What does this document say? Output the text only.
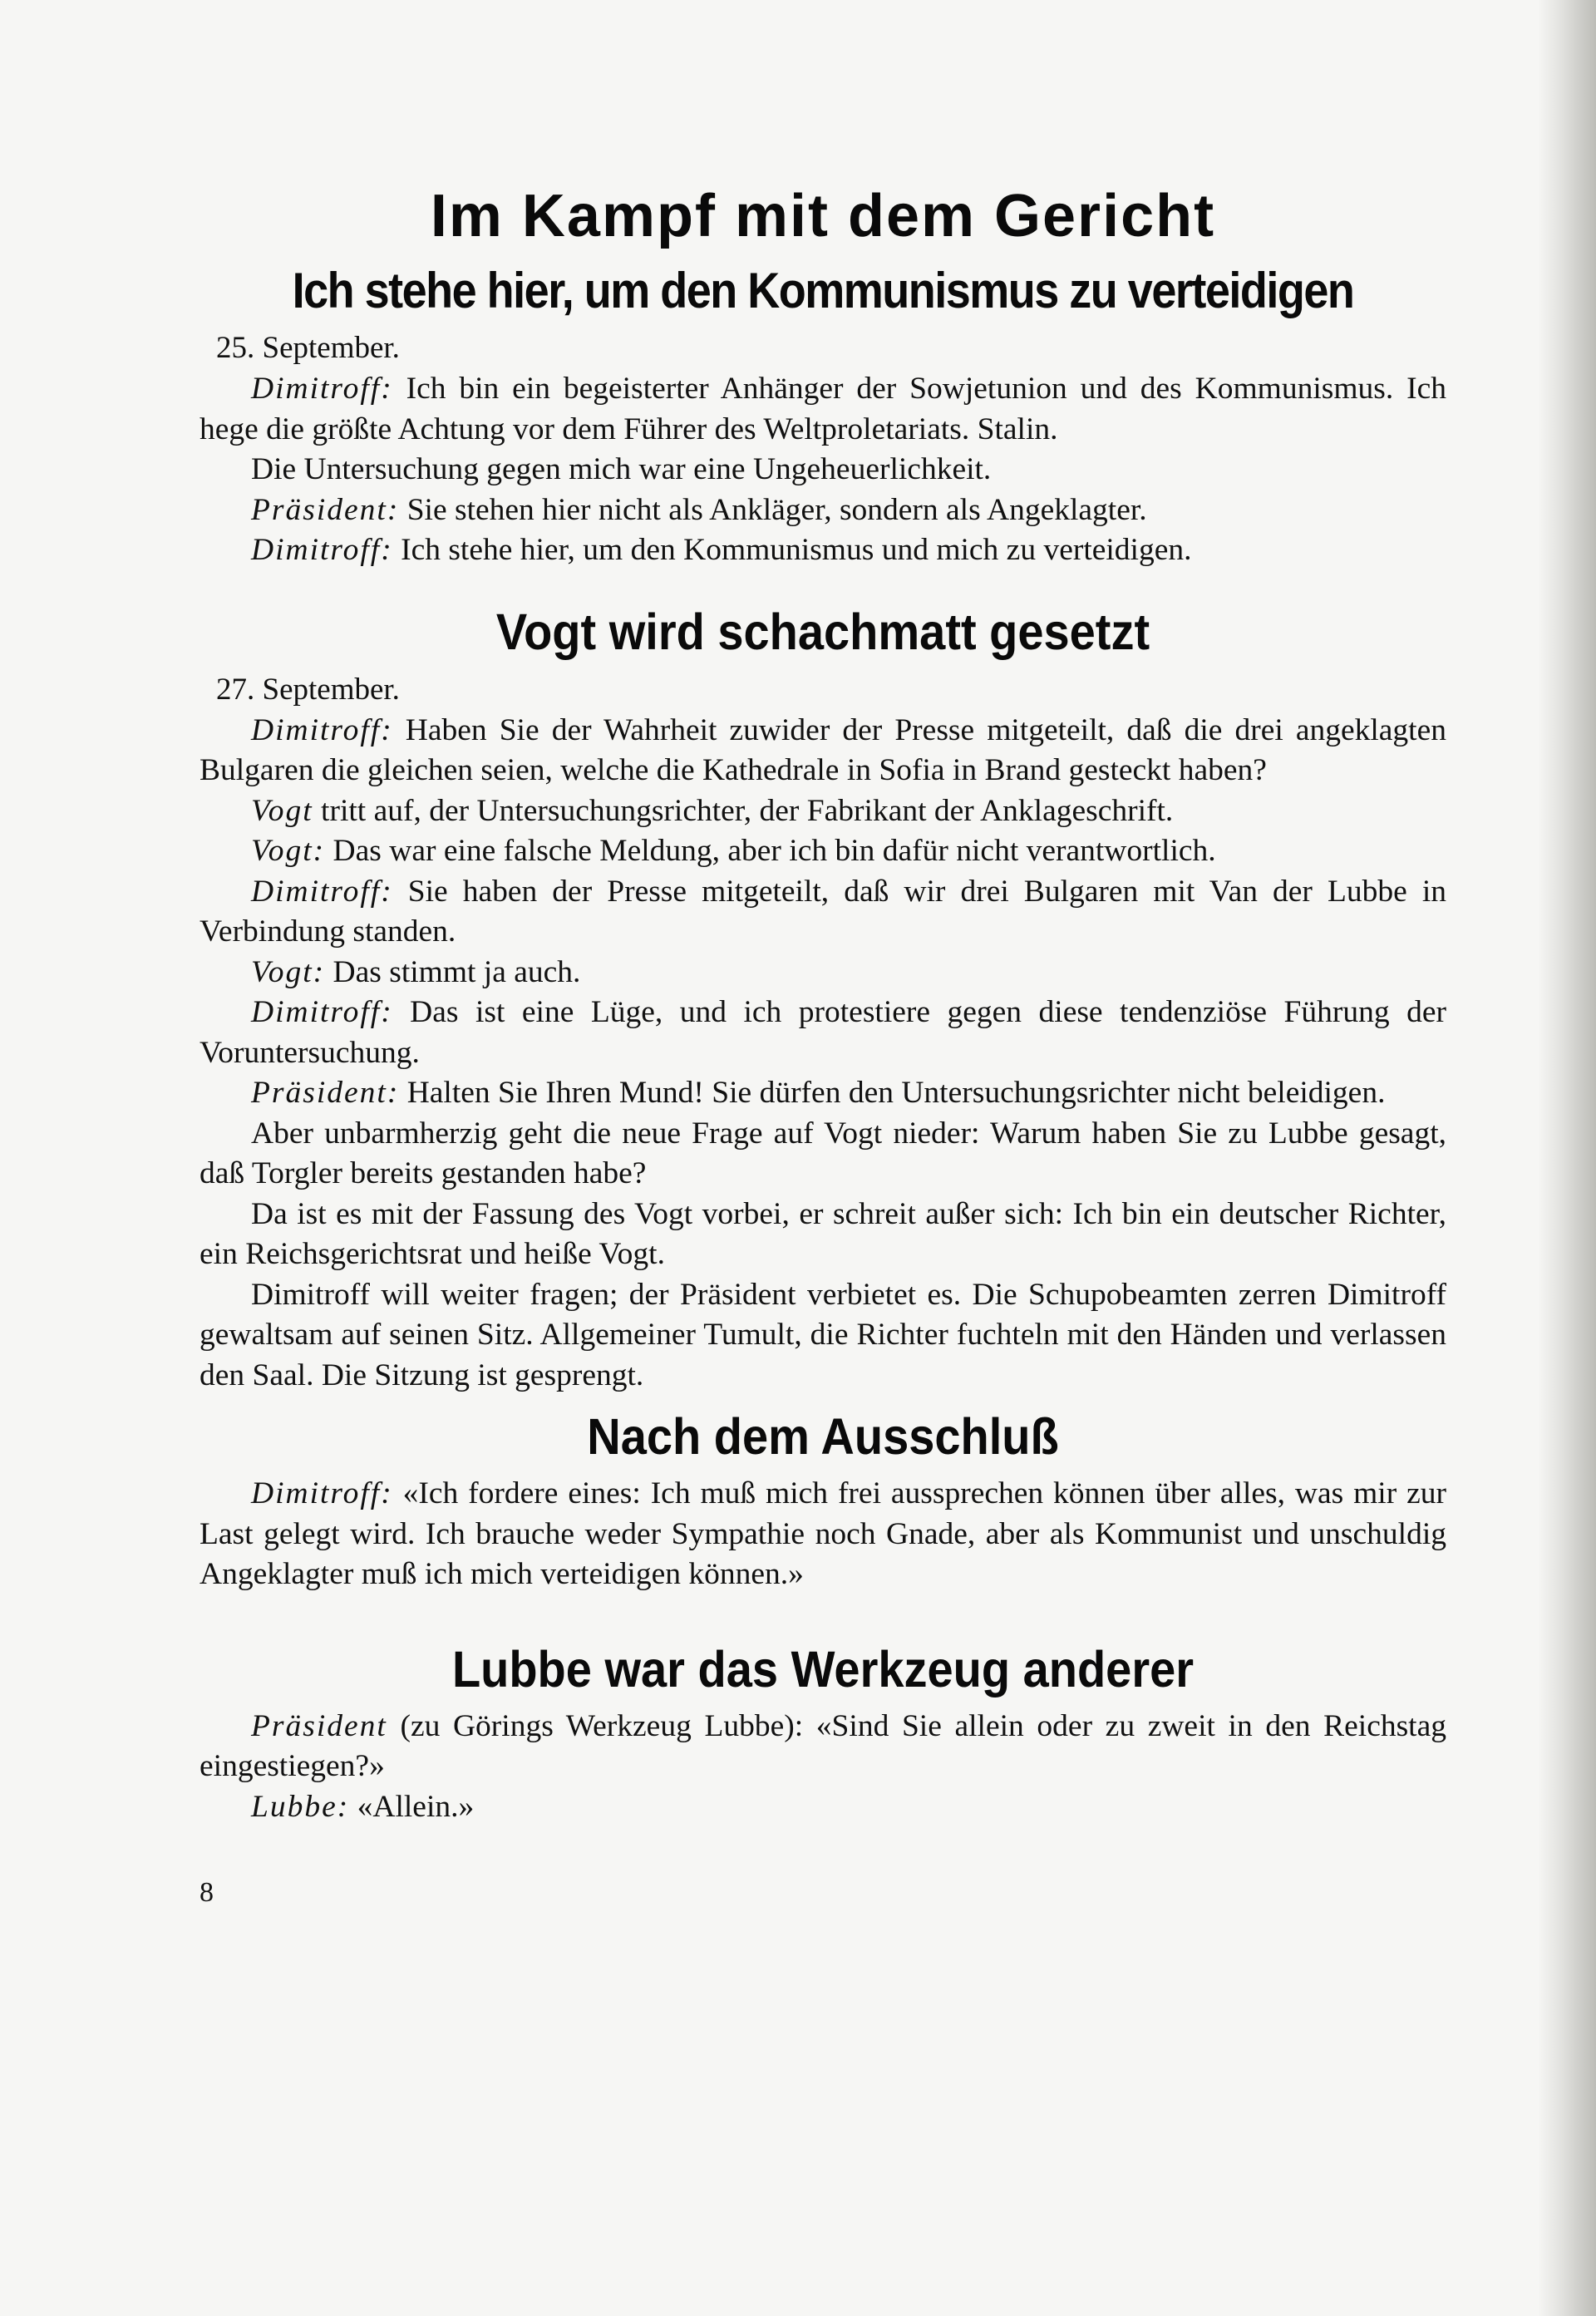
Im Kampf mit dem Gericht
Ich stehe hier, um den Kommunismus zu verteidigen

25. September.

Dimitroff: Ich bin ein begeisterter Anhänger der Sowjetunion und des Kommunismus. Ich hege die größte Achtung vor dem Führer des Weltproletariats. Stalin.

Die Untersuchung gegen mich war eine Ungeheuerlichkeit.

Präsident: Sie stehen hier nicht als Ankläger, sondern als Angeklagter.

Dimitroff: Ich stehe hier, um den Kommunismus und mich zu verteidigen.

Vogt wird schachmatt gesetzt

27. September.

Dimitroff: Haben Sie der Wahrheit zuwider der Presse mitgeteilt, daß die drei angeklagten Bulgaren die gleichen seien, welche die Kathedrale in Sofia in Brand gesteckt haben?

Vogt tritt auf, der Untersuchungsrichter, der Fabrikant der Anklageschrift.

Vogt: Das war eine falsche Meldung, aber ich bin dafür nicht verantwortlich.

Dimitroff: Sie haben der Presse mitgeteilt, daß wir drei Bulgaren mit Van der Lubbe in Verbindung standen.

Vogt: Das stimmt ja auch.

Dimitroff: Das ist eine Lüge, und ich protestiere gegen diese tendenziöse Führung der Voruntersuchung.

Präsident: Halten Sie Ihren Mund! Sie dürfen den Untersuchungsrichter nicht beleidigen.

Aber unbarmherzig geht die neue Frage auf Vogt nieder: Warum haben Sie zu Lubbe gesagt, daß Torgler bereits gestanden habe?

Da ist es mit der Fassung des Vogt vorbei, er schreit außer sich: Ich bin ein deutscher Richter, ein Reichsgerichtsrat und heiße Vogt.

Dimitroff will weiter fragen; der Präsident verbietet es. Die Schupobeamten zerren Dimitroff gewaltsam auf seinen Sitz. Allgemeiner Tumult, die Richter fuchteln mit den Händen und verlassen den Saal. Die Sitzung ist gesprengt.

Nach dem Ausschluß

Dimitroff: «Ich fordere eines: Ich muß mich frei aussprechen können über alles, was mir zur Last gelegt wird. Ich brauche weder Sympathie noch Gnade, aber als Kommunist und unschuldig Angeklagter muß ich mich verteidigen können.»

Lubbe war das Werkzeug anderer

Präsident (zu Görings Werkzeug Lubbe): «Sind Sie allein oder zu zweit in den Reichstag eingestiegen?»

Lubbe: «Allein.»

8
